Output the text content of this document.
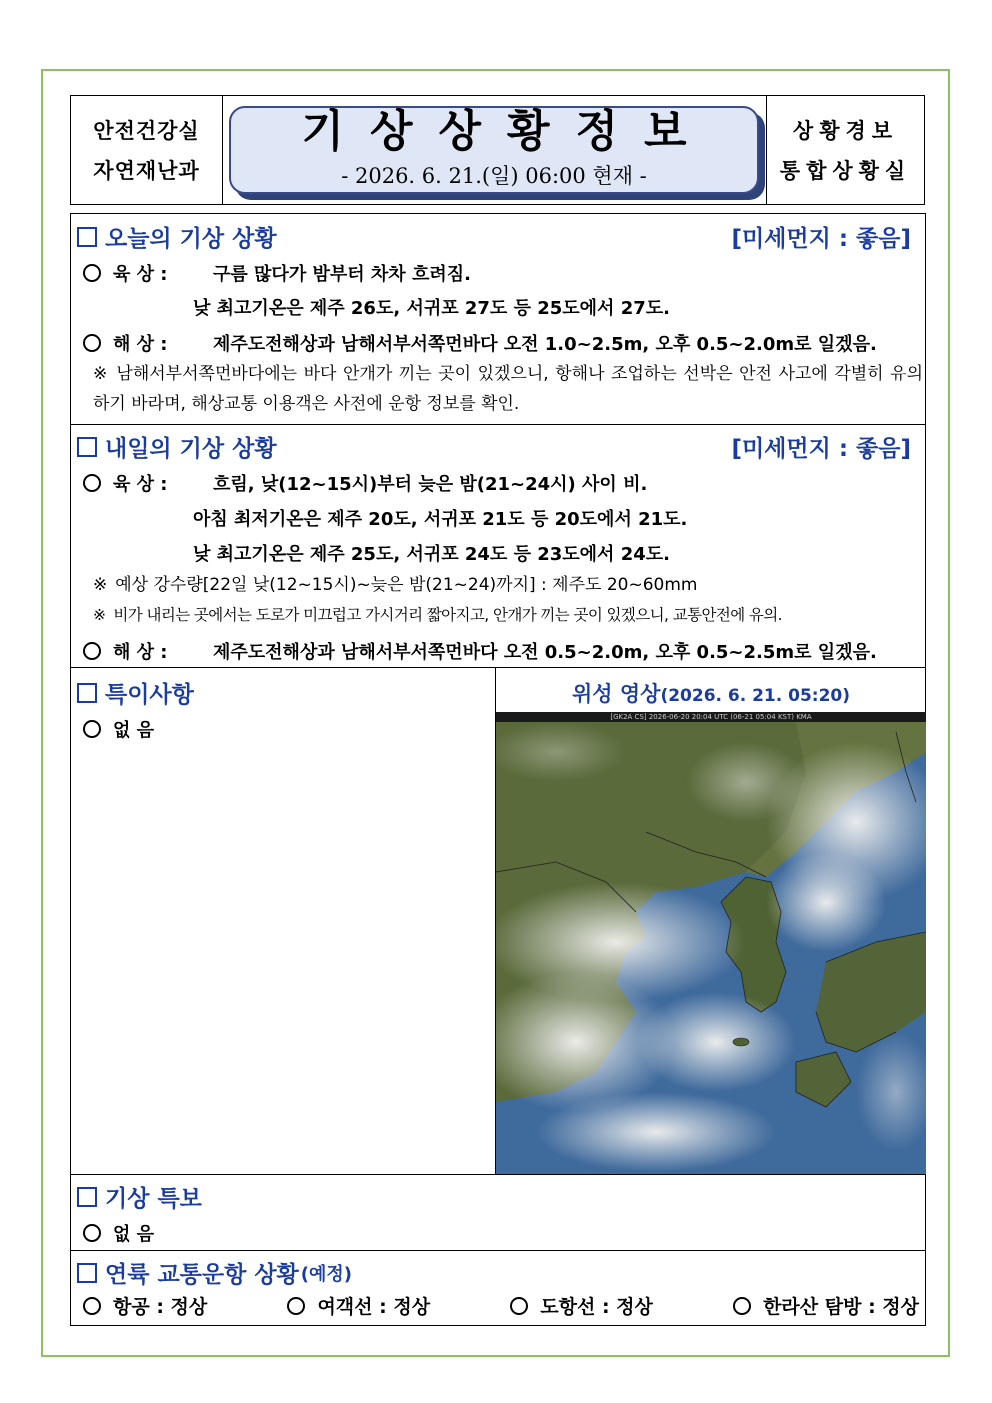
안전건강실
자연재난과
기상상황정보
- 2026. 6. 21.(일) 06:00 현재 -
상황경보
통합상황실
오늘의 기상 상황	[미세먼지 : 좋음]
육 상 :	구름 많다가 밤부터 차차 흐려짐.
낮 최고기온은 제주 26도, 서귀포 27도 등 25도에서 27도.
해 상 :	제주도전해상과 남해서부서쪽먼바다 오전 1.0~2.5m, 오후 0.5~2.0m로 일겠음.
※ 남해서부서쪽먼바다에는 바다 안개가 끼는 곳이 있겠으니, 항해나 조업하는 선박은 안전 사고에 각별히 유의하기 바라며, 해상교통 이용객은 사전에 운항 정보를 확인.
내일의 기상 상황	[미세먼지 : 좋음]
육 상 :	흐림, 낮(12~15시)부터 늦은 밤(21~24시) 사이 비.
아침 최저기온은 제주 20도, 서귀포 21도 등 20도에서 21도.
낮 최고기온은 제주 25도, 서귀포 24도 등 23도에서 24도.
※ 예상 강수량[22일 낮(12~15시)~늦은 밤(21~24)까지] : 제주도 20~60mm
※ 비가 내리는 곳에서는 도로가 미끄럽고 가시거리 짧아지고, 안개가 끼는 곳이 있겠으니, 교통안전에 유의.
해 상 :	제주도전해상과 남해서부서쪽먼바다 오전 0.5~2.0m, 오후 0.5~2.5m로 일겠음.
특이사항
없 음
위성 영상(2026. 6. 21. 05:20)
[GK2A CS] 2026-06-20 20:04 UTC (06-21 05:04 KST) KMA
기상 특보
없 음
연륙 교통운항 상황 (예정)
항공 : 정상	여객선 : 정상	도항선 : 정상	한라산 탐방 : 정상
